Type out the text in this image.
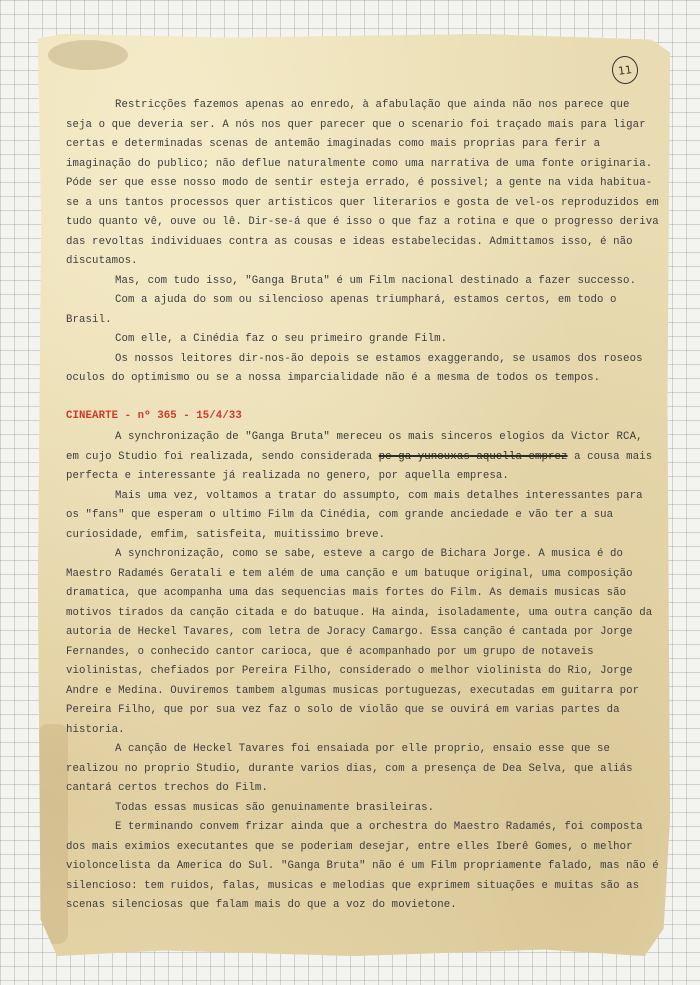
11

Restricções fazemos apenas ao enredo, à afabulação que ainda não nos parece que seja o que deveria ser. A nós nos quer parecer que o scenario foi traçado mais para ligar certas e determinadas scenas de antemão imaginadas como mais proprias para ferir a imaginação do publico; não deflue naturalmente como uma narrativa de uma fonte originaria. Póde ser que esse nosso modo de sentir esteja errado, é possivel; a gente na vida habitua-se a uns tantos processos quer artisticos quer literarios e gosta de vel-os reproduzidos em tudo quanto vê, ouve ou lê. Dir-se-á que é isso o que faz a rotina e que o progresso deriva das revoltas individuaes contra as cousas e ideas estabelecidas. Admittamos isso, é não discutamos.

Mas, com tudo isso, "Ganga Bruta" é um Film nacional destinado a fazer successo.

Com a ajuda do som ou silencioso apenas triumphará, estamos certos, em todo o Brasil.

Com elle, a Cinédia faz o seu primeiro grande Film.

Os nossos leitores dir-nos-ão depois se estamos exaggerando, se usamos dos roseos oculos do optimismo ou se a nossa imparcialidade não é a mesma de todos os tempos.

CINEARTE - nº 365 - 15/4/33

A synchronização de "Ganga Bruta" mereceu os mais sinceros elogios da Victor RCA, em cujo Studio foi realizada, sendo considerada pe ga yunouxas aquella emprez a cousa mais perfecta e interessante já realizada no genero, por aquella empresa.

Mais uma vez, voltamos a tratar do assumpto, com mais detalhes interessantes para os "fans" que esperam o ultimo Film da Cinédia, com grande anciedade e vão ter a sua curiosidade, emfim, satisfeita, muitissimo breve.

A synchronização, como se sabe, esteve a cargo de Bichara Jorge. A musica é do Maestro Radamés Geratali e tem além de uma canção e um batuque original, uma composição dramatica, que acompanha uma das sequencias mais fortes do Film. As demais musicas são motivos tirados da canção citada e do batuque. Ha ainda, isoladamente, uma outra canção da autoria de Heckel Tavares, com letra de Joracy Camargo. Essa canção é cantada por Jorge Fernandes, o conhecido cantor carioca, que é acompanhado por um grupo de notaveis violinistas, chefiados por Pereira Filho, considerado o melhor violinista do Rio, Jorge Andre e Medina. Ouviremos tambem algumas musicas portuguezas, executadas em guitarra por Pereira Filho, que por sua vez faz o solo de violão que se ouvirá em varias partes da historia.

A canção de Heckel Tavares foi ensaiada por elle proprio, ensaio esse que se realizou no proprio Studio, durante varios dias, com a presença de Dea Selva, que aliás cantará certos trechos do Film.

Todas essas musicas são genuinamente brasileiras.

E terminando convem frizar ainda que a orchestra do Maestro Radamés, foi composta dos mais eximios executantes que se poderiam desejar, entre elles Iberê Gomes, o melhor violoncelista da America do Sul. "Ganga Bruta" não é um Film propriamente falado, mas não é silencioso: tem ruidos, falas, musicas e melodias que exprimem situações e muitas são as scenas silenciosas que falam mais do que a voz do movietone.
